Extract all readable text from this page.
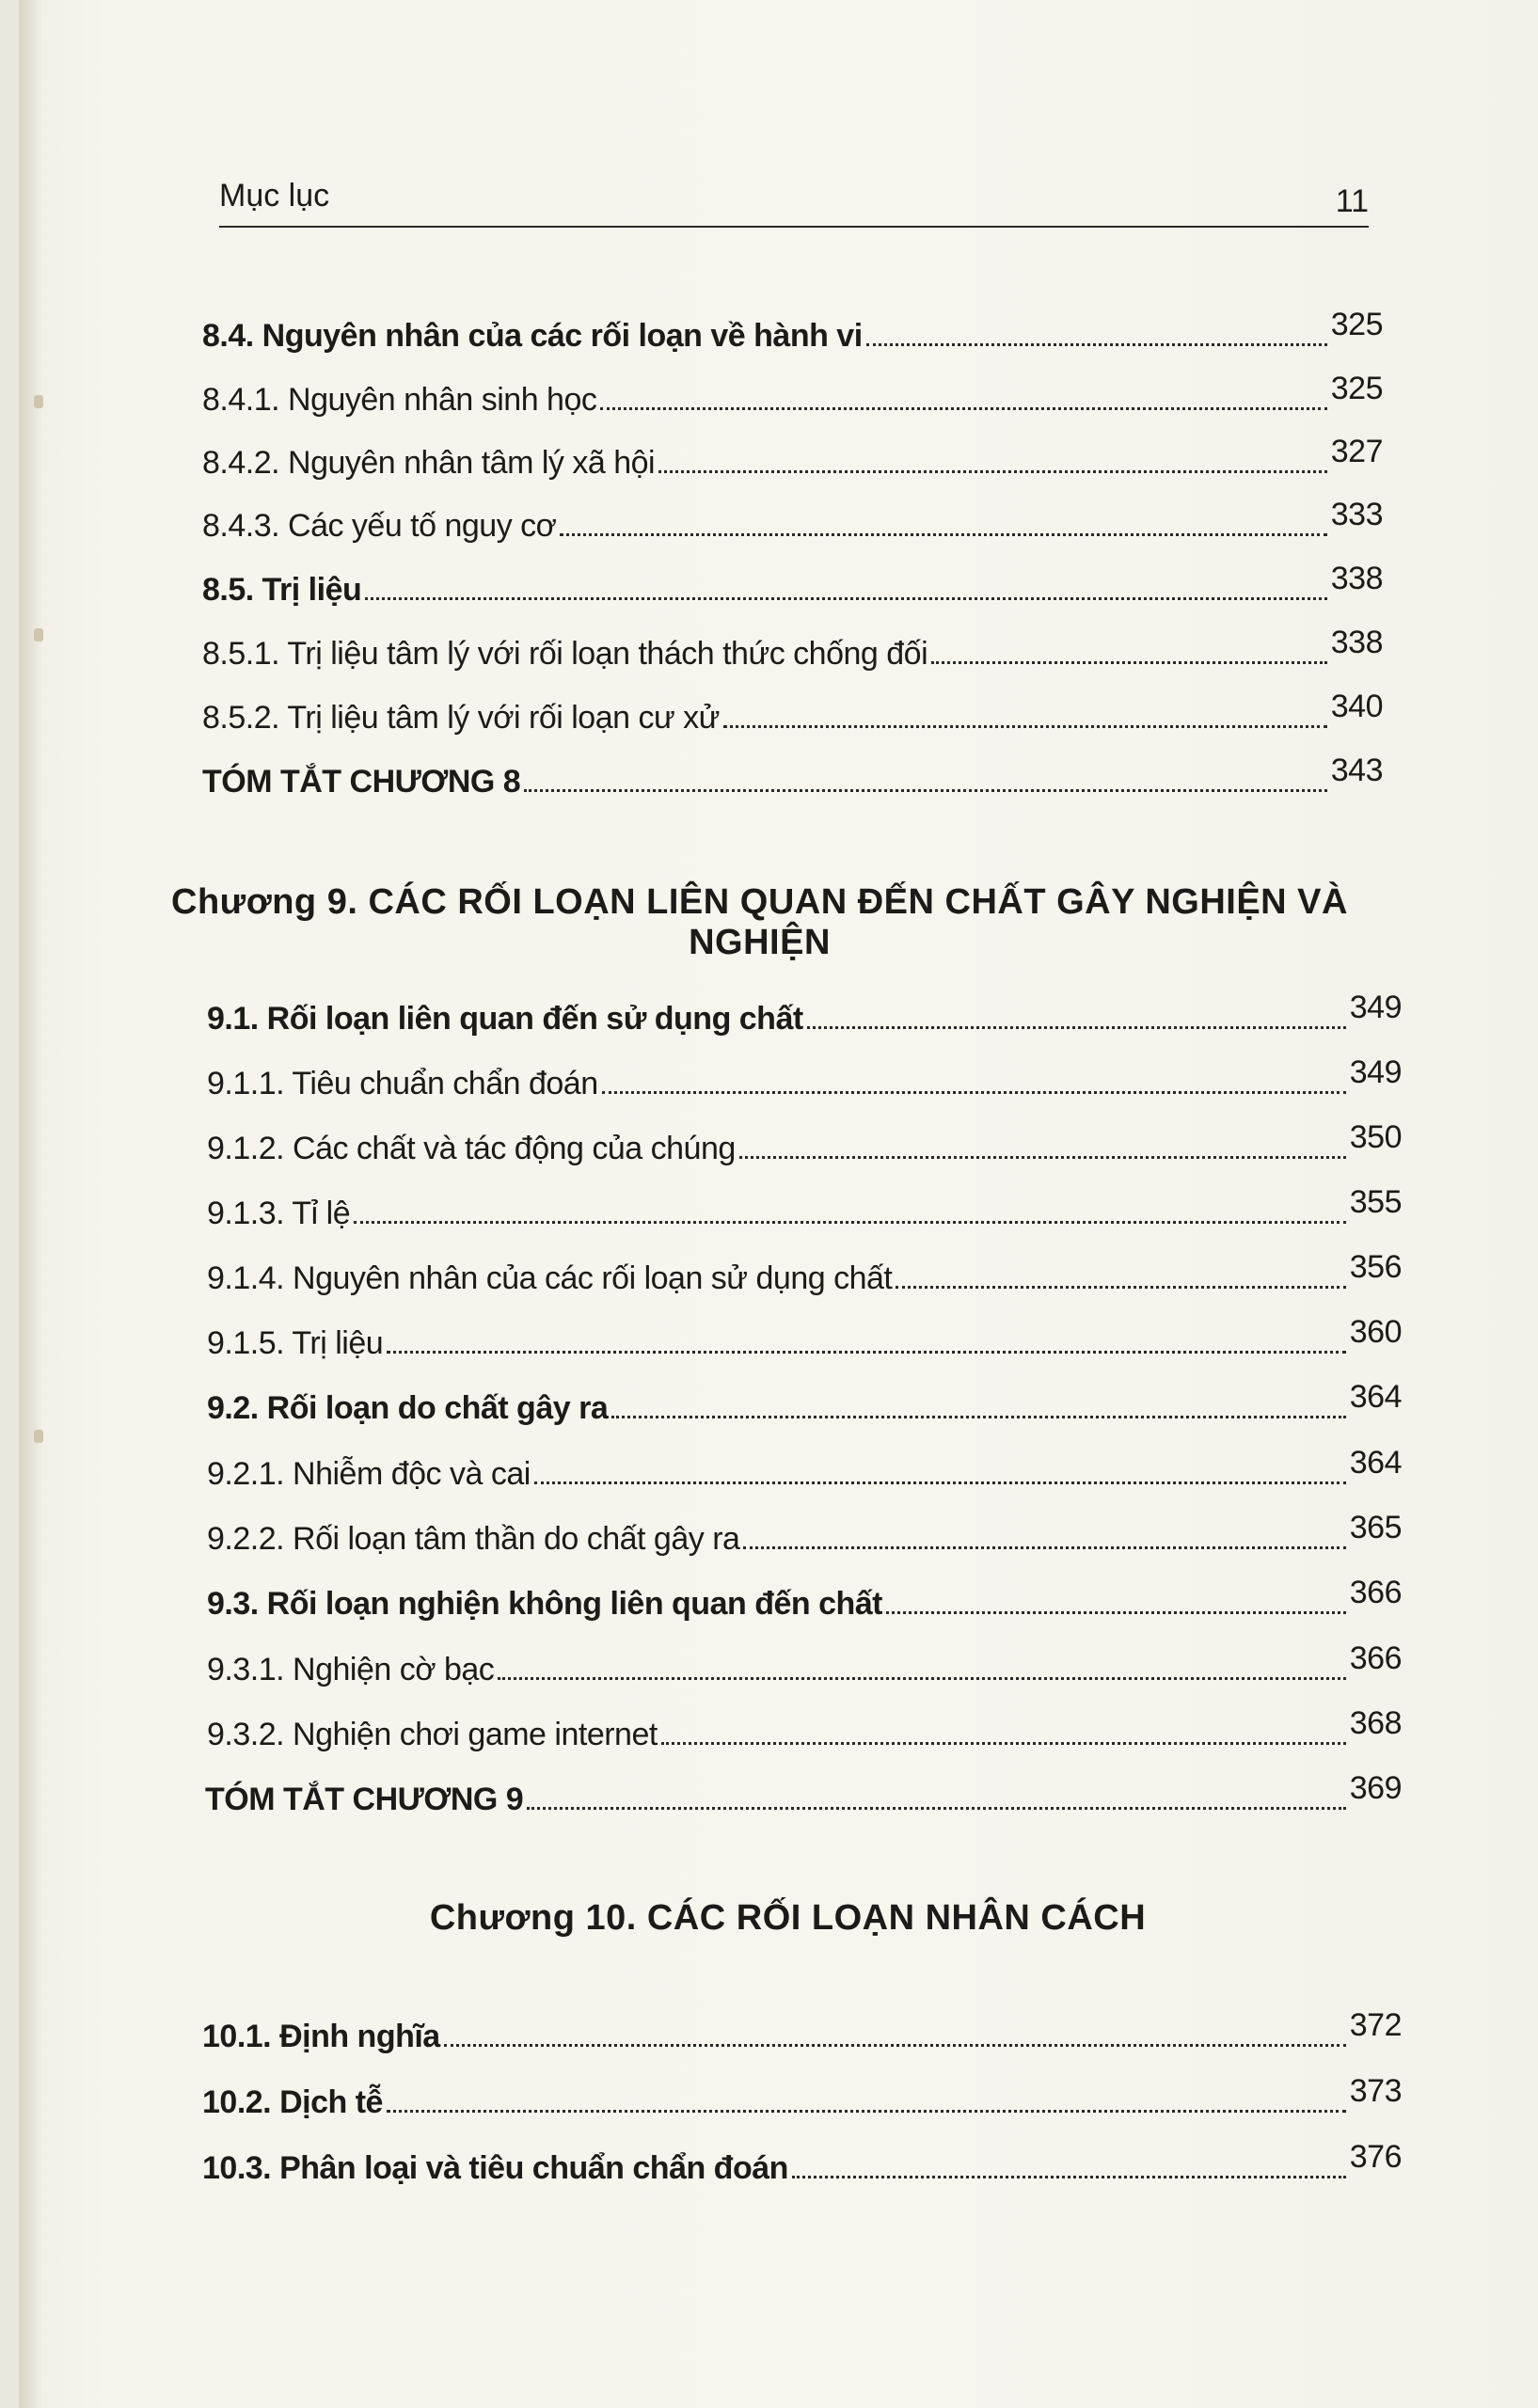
Mục lục	11
8.4. Nguyên nhân của các rối loạn về hành vi	325
8.4.1. Nguyên nhân sinh học	325
8.4.2. Nguyên nhân tâm lý xã hội	327
8.4.3. Các yếu tố nguy cơ	333
8.5. Trị liệu	338
8.5.1. Trị liệu tâm lý với rối loạn thách thức chống đối	338
8.5.2. Trị liệu tâm lý với rối loạn cư xử	340
TÓM TẮT CHƯƠNG 8	343
Chương 9. CÁC RỐI LOẠN LIÊN QUAN ĐẾN CHẤT GÂY NGHIỆN VÀ NGHIỆN
9.1. Rối loạn liên quan đến sử dụng chất	349
9.1.1. Tiêu chuẩn chẩn đoán	349
9.1.2. Các chất và tác động của chúng	350
9.1.3. Tỉ lệ	355
9.1.4. Nguyên nhân của các rối loạn sử dụng chất	356
9.1.5. Trị liệu	360
9.2. Rối loạn do chất gây ra	364
9.2.1. Nhiễm độc và cai	364
9.2.2. Rối loạn tâm thần do chất gây ra	365
9.3. Rối loạn nghiện không liên quan đến chất	366
9.3.1. Nghiện cờ bạc	366
9.3.2. Nghiện chơi game internet	368
TÓM TẮT CHƯƠNG 9	369
Chương 10. CÁC RỐI LOẠN NHÂN CÁCH
10.1. Định nghĩa	372
10.2. Dịch tễ	373
10.3. Phân loại và tiêu chuẩn chẩn đoán	376
